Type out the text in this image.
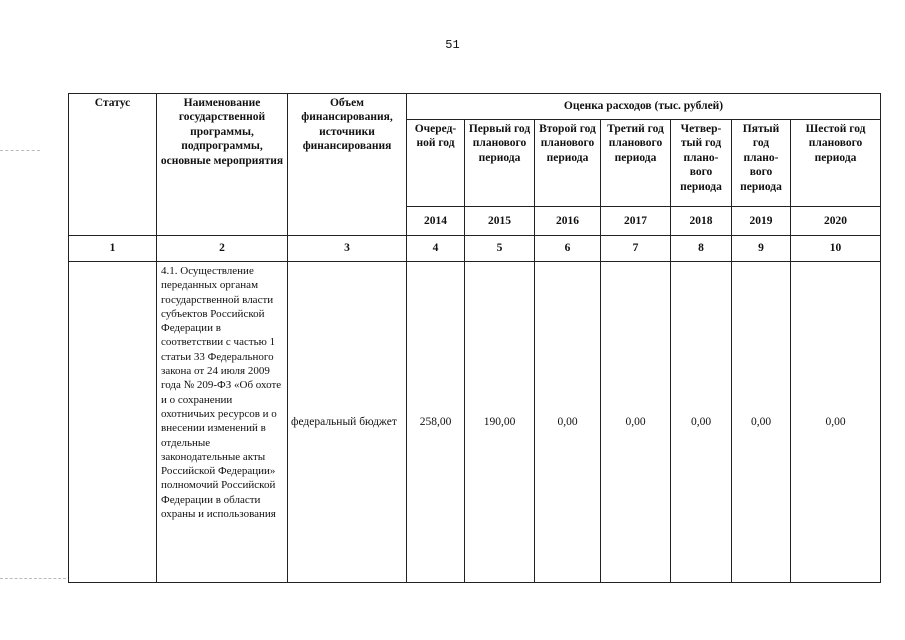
51
Статус	Наименование государственной программы, подпрограммы, основные мероприятия	Объем финансирования, источники финансирования	Оценка расходов (тыс. рублей)						
			Очеред-ной год	Первый год планового периода	Второй год планового периода	Третий год планового периода	Четвер-тый год плано-вого периода	Пятый год плано-вого периода	Шестой год планового периода
			2014	2015	2016	2017	2018	2019	2020
1	2	3	4	5	6	7	8	9	10
	4.1. Осуществление переданных органам государственной власти субъектов Российской Федерации в соответствии с частью 1 статьи 33 Федерального закона от 24 июля 2009 года № 209-ФЗ «Об охоте и о сохранении охотничьих ресурсов и о внесении изменений в отдельные законодательные акты Российской Федерации» полномочий Российской Федерации в области охраны и использования	федеральный бюджет	258,00	190,00	0,00	0,00	0,00	0,00	0,00
